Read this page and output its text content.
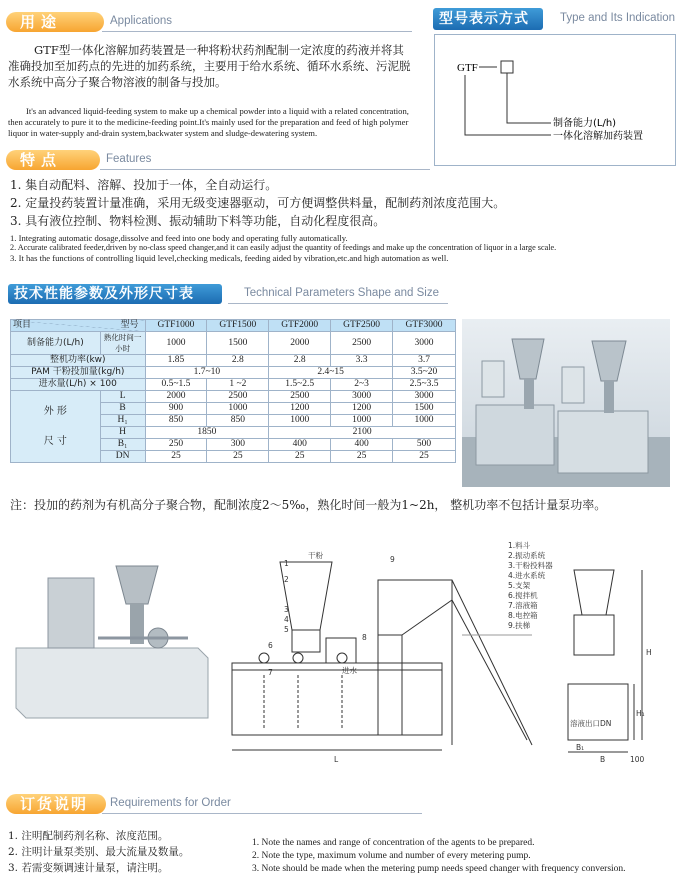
用途	Applications
GTF型一体化溶解加药装置是一种将粉状药剂配制一定浓度的药液并将其准确投加至加药点的先进的加药系统，主要用于给水系统、循环水系统、污泥脱水系统中高分子聚合物溶液的制备与投加。
It's an advanced liquid-feeding system to make up a chemical powder into a liquid with a related concentration, then accurately to pure it to the medicine-feeding point.It's mainly used for the preparation and feed of high polymer liquor in water-supply and-drain system,backwater system and sludge-dewatering system.
型号表示方式	Type and Its Indication
GTF
制备能力(L/h)
一体化溶解加药装置
特点	Features
1. 集自动配料、溶解、投加于一体，全自动运行。
2. 定量投药装置计量准确，采用无级变速器驱动，可方便调整供料量，配制药剂浓度范围大。
3. 具有液位控制、物料检测、振动辅助下料等功能，自动化程度很高。
1. Integrating automatic dosage,dissolve and feed into one body and operating fully automatically.
2. Accurate calibrated feeder,driven by no-class speed changer,and it can easily adjust the quantity of feedings and make up the concentration of liquor in a large scale.
3. It has the functions of controlling liquid level,checking medicals, feeding aided by vibration,etc.and high automation as well.
技术性能参数及外形尺寸表	Technical Parameters Shape and Size
项目 型号		GTF1000	GTF1500	GTF2000	GTF2500	GTF3000
制备能力(L/h)	熟化时间一小时	1000	1500	2000	2500	3000
整机功率(kw)		1.85	2.8	2.8	3.3	3.7
PAM 干粉投加量(kg/h)		1.7~10		2.4~15		3.5~20
进水量(L/h) × 100		0.5~1.5	1 ~2	1.5~2.5	2~3	2.5~3.5

外 形
尺 寸	L	2000	2500	2500	3000	3000
	B	900	1000	1200	1200	1500
	H₁	850	850	1000	1000	1000
	H	1850		2100		
	B₁	250	300	400	400	500
	DN	25	25	25	25	25
注：投加的药剂为有机高分子聚合物，配制浓度2～5‰，熟化时间一般为1~2h， 整机功率不包括计量泵功率。
进水
干粉
L
1
2
3
4
5
6
7
8
9
1.料斗
2.振动系统
3.干粉投料器
4.进水系统
5.支架
6.搅拌机
7.溶液箱
8.电控箱
9.扶梯
H
H₁
溶液出口DN
B₁
B	100
订货说明	Requirements for Order
1. 注明配制药剂名称、浓度范围。
2. 注明计量泵类别、最大流量及数量。
3. 若需变频调速计量泵，请注明。
1. Note the names and range of concentration of the agents to be prepared.
2. Note the type, maximum volume and number of every metering pump.
3. Note should be made when the metering pump needs speed changer with frequency conversion.
